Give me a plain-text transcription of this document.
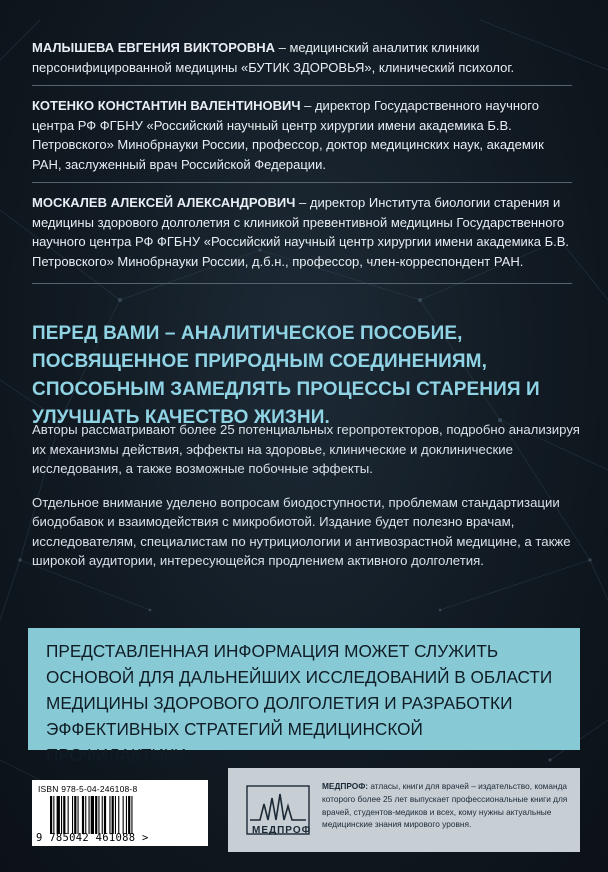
МАЛЫШЕВА ЕВГЕНИЯ ВИКТОРОВНА – медицинский аналитик клиники персонифицированной медицины «БУТИК ЗДОРОВЬЯ», клинический психолог.

КОТЕНКО КОНСТАНТИН ВАЛЕНТИНОВИЧ – директор Государственного научного центра РФ ФГБНУ «Российский научный центр хирургии имени академика Б.В. Петровского» Минобрнауки России, профессор, доктор медицинских наук, академик РАН, заслуженный врач Российской Федерации.

МОСКАЛЕВ АЛЕКСЕЙ АЛЕКСАНДРОВИЧ – директор Института биологии старения и медицины здорового долголетия с клиникой превентивной медицины Государственного научного центра РФ ФГБНУ «Российский научный центр хирургии имени академика Б.В. Петровского» Минобрнауки России, д.б.н., профессор, член-корреспондент РАН.

ПЕРЕД ВАМИ – АНАЛИТИЧЕСКОЕ ПОСОБИЕ, ПОСВЯЩЕННОЕ ПРИРОДНЫМ СОЕДИНЕНИЯМ, СПОСОБНЫМ ЗАМЕДЛЯТЬ ПРОЦЕССЫ СТАРЕНИЯ И УЛУЧШАТЬ КАЧЕСТВО ЖИЗНИ.

Авторы рассматривают более 25 потенциальных геропротекторов, подробно анализируя их механизмы действия, эффекты на здоровье, клинические и доклинические исследования, а также возможные побочные эффекты.

Отдельное внимание уделено вопросам биодоступности, проблемам стандартизации биодобавок и взаимодействия с микробиотой. Издание будет полезно врачам, исследователям, специалистам по нутрициологии и антивозрастной медицине, а также широкой аудитории, интересующейся продлением активного долголетия.

ПРЕДСТАВЛЕННАЯ ИНФОРМАЦИЯ МОЖЕТ СЛУЖИТЬ ОСНОВОЙ ДЛЯ ДАЛЬНЕЙШИХ ИССЛЕДОВАНИЙ В ОБЛАСТИ МЕДИЦИНЫ ЗДОРОВОГО ДОЛГОЛЕТИЯ И РАЗРАБОТКИ ЭФФЕКТИВНЫХ СТРАТЕГИЙ МЕДИЦИНСКОЙ ПРОФИЛАКТИКИ.

ISBN 978-5-04-246108-8
9 785042 461088 >
МЕДПРОФ
МЕДПРОФ: атласы, книги для врачей – издательство, команда которого более 25 лет выпускает профессиональные книги для врачей, студентов-медиков и всех, кому нужны актуальные медицинские знания мирового уровня.
